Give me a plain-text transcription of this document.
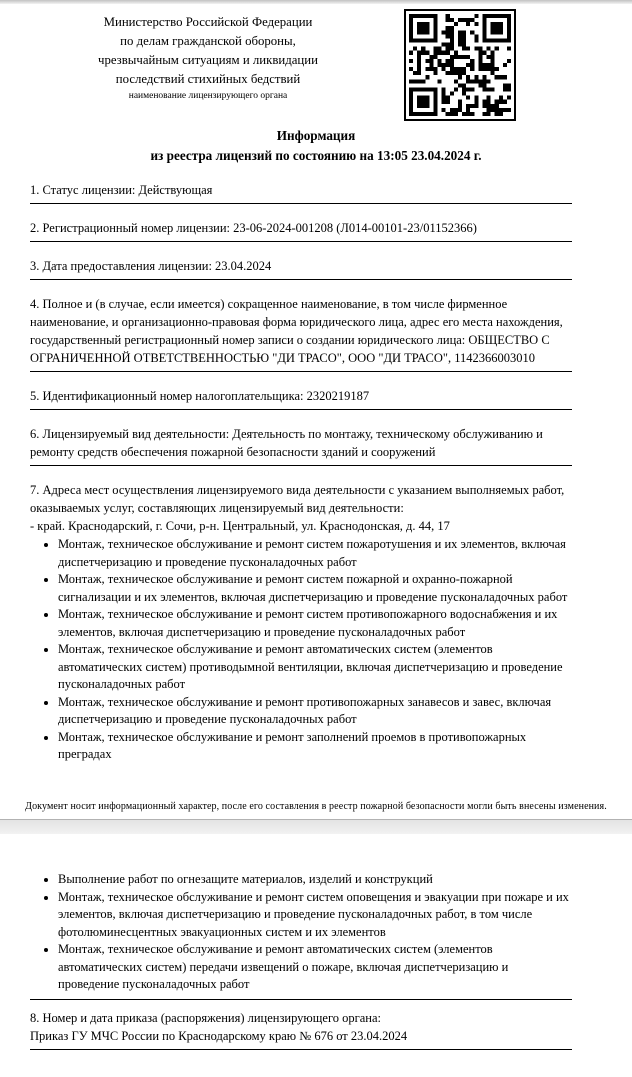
Министерство Российской Федерации
по делам гражданской обороны,
чрезвычайным ситуациям и ликвидации
последствий стихийных бедствий
наименование лицензирующего органа
Информация
из реестра лицензий по состоянию на 13:05 23.04.2024 г.
1. Статус лицензии: Действующая
2. Регистрационный номер лицензии: 23-06-2024-001208 (Л014-00101-23/01152366)
3. Дата предоставления лицензии: 23.04.2024
4. Полное и (в случае, если имеется) сокращенное наименование, в том числе фирменное наименование, и организационно-правовая форма юридического лица, адрес его места нахождения, государственный регистрационный номер записи о создании юридического лица: ОБЩЕСТВО С ОГРАНИЧЕННОЙ ОТВЕТСТВЕННОСТЬЮ "ДИ ТРАСО", ООО "ДИ ТРАСО", 1142366003010
5. Идентификационный номер налогоплательщика: 2320219187
6. Лицензируемый вид деятельности: Деятельность по монтажу, техническому обслуживанию и ремонту средств обеспечения пожарной безопасности зданий и сооружений
7. Адреса мест осуществления лицензируемого вида деятельности с указанием выполняемых работ, оказываемых услуг, составляющих лицензируемый вид деятельности:
- край. Краснодарский, г. Сочи, р-н. Центральный, ул. Краснодонская, д. 44, 17
• Монтаж, техническое обслуживание и ремонт систем пожаротушения и их элементов, включая диспетчеризацию и проведение пусконаладочных работ
• Монтаж, техническое обслуживание и ремонт систем пожарной и охранно-пожарной сигнализации и их элементов, включая диспетчеризацию и проведение пусконаладочных работ
• Монтаж, техническое обслуживание и ремонт систем противопожарного водоснабжения и их элементов, включая диспетчеризацию и проведение пусконаладочных работ
• Монтаж, техническое обслуживание и ремонт автоматических систем (элементов автоматических систем) противодымной вентиляции, включая диспетчеризацию и проведение пусконаладочных работ
• Монтаж, техническое обслуживание и ремонт противопожарных занавесов и завес, включая диспетчеризацию и проведение пусконаладочных работ
• Монтаж, техническое обслуживание и ремонт заполнений проемов в противопожарных преградах
Документ носит информационный характер, после его составления в реестр пожарной безопасности могли быть внесены изменения.
• Выполнение работ по огнезащите материалов, изделий и конструкций
• Монтаж, техническое обслуживание и ремонт систем оповещения и эвакуации при пожаре и их элементов, включая диспетчеризацию и проведение пусконаладочных работ, в том числе фотолюминесцентных эвакуационных систем и их элементов
• Монтаж, техническое обслуживание и ремонт автоматических систем (элементов автоматических систем) передачи извещений о пожаре, включая диспетчеризацию и проведение пусконаладочных работ
8. Номер и дата приказа (распоряжения) лицензирующего органа:
Приказ ГУ МЧС России по Краснодарскому краю № 676 от 23.04.2024
